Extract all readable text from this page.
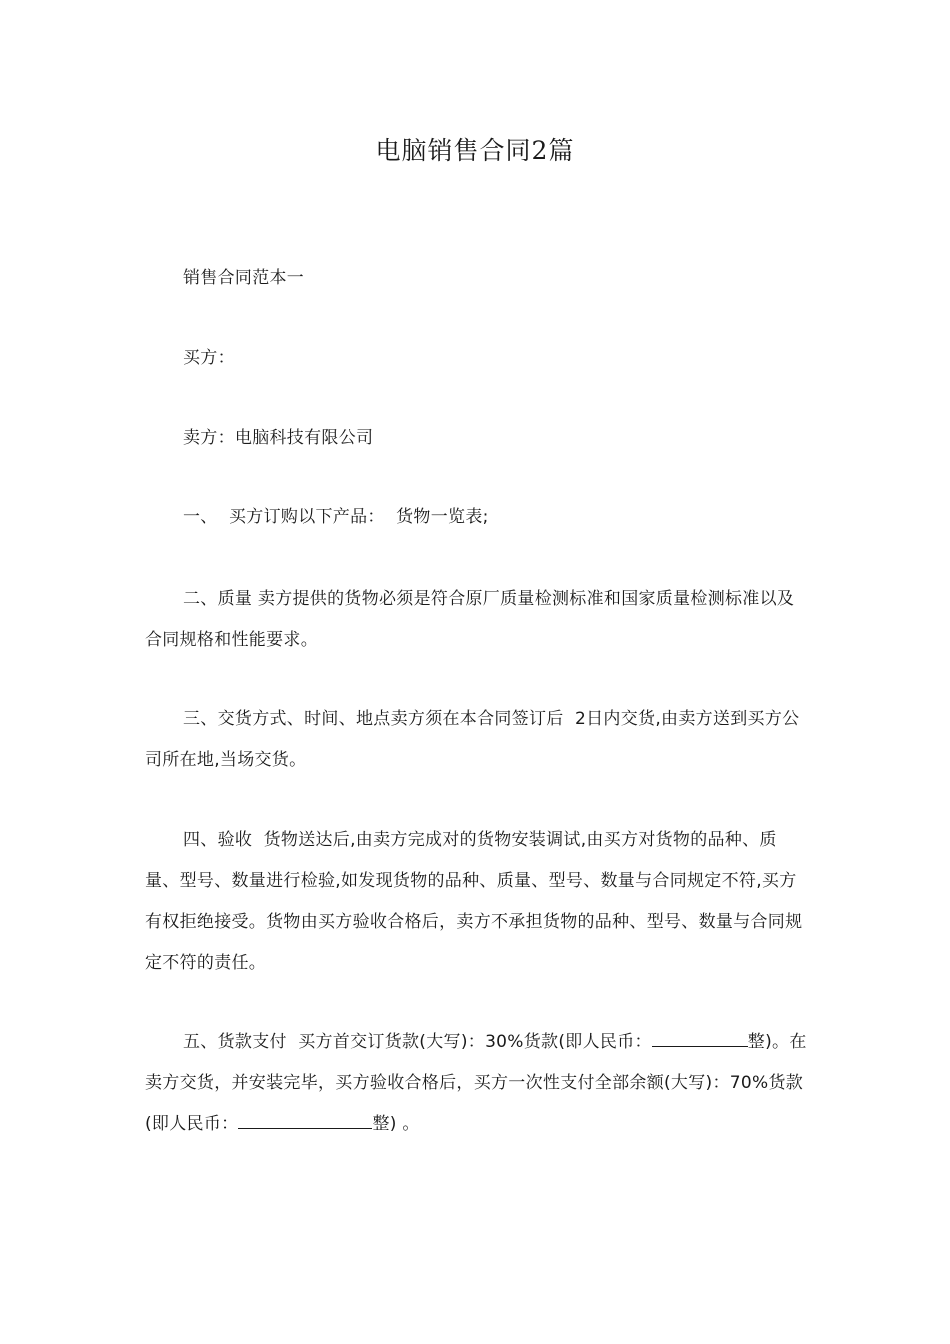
电脑销售合同2篇

销售合同范本一

买方：

卖方：电脑科技有限公司

一、  买方订购以下产品：  货物一览表;

二、质量 卖方提供的货物必须是符合原厂质量检测标准和国家质量检测标准以及合同规格和性能要求。

三、交货方式、时间、地点卖方须在本合同签订后  2日内交货,由卖方送到买方公司所在地,当场交货。

四、验收  货物送达后,由卖方完成对的货物安装调试,由买方对货物的品种、质量、型号、数量进行检验,如发现货物的品种、质量、型号、数量与合同规定不符,买方有权拒绝接受。货物由买方验收合格后，卖方不承担货物的品种、型号、数量与合同规定不符的责任。

五、货款支付  买方首交订货款(大写)：30%货款(即人民币：	整)。在卖方交货，并安装完毕，买方验收合格后，买方一次性支付全部余额(大写)：70%货款(即人民币：	整) 。
